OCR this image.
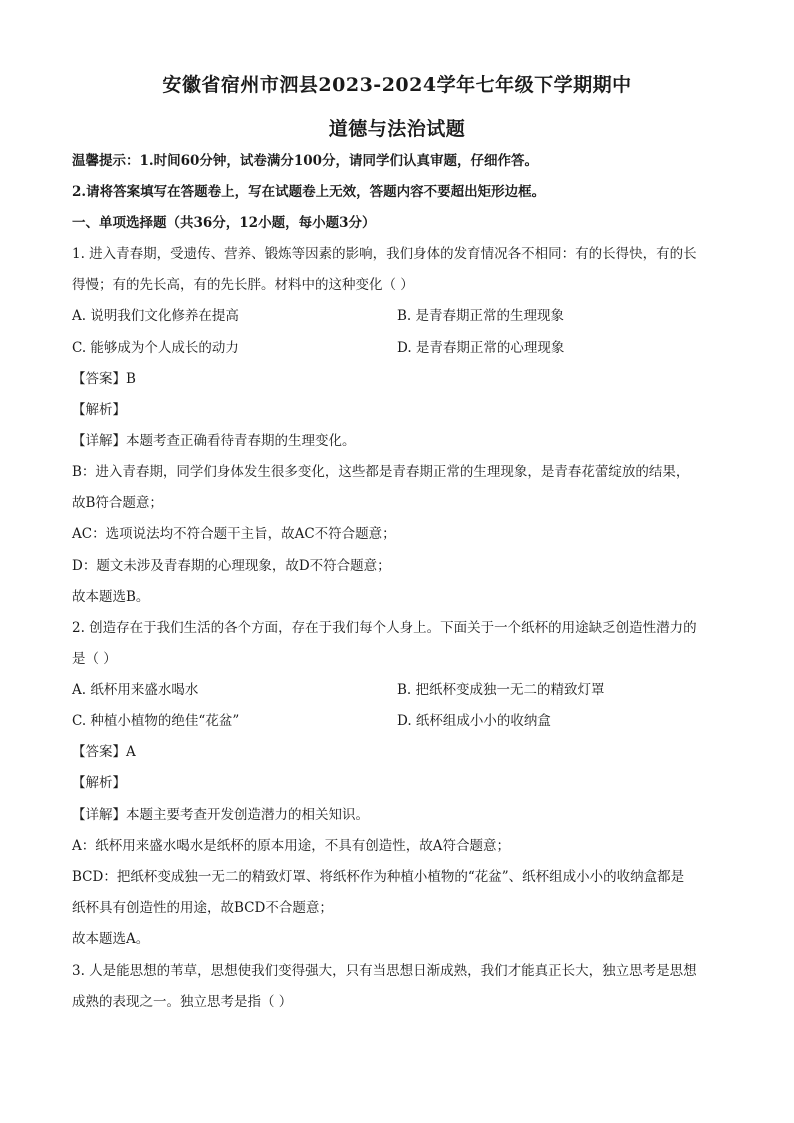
安徽省宿州市泗县2023-2024学年七年级下学期期中
道德与法治试题
温馨提示：1.时间60分钟，试卷满分100分，请同学们认真审题，仔细作答。
2.请将答案填写在答题卷上，写在试题卷上无效，答题内容不要超出矩形边框。
一、单项选择题（共36分，12小题，每小题3分）
1. 进入青春期，受遗传、营养、锻炼等因素的影响，我们身体的发育情况各不相同：有的长得快，有的长
得慢；有的先长高，有的先长胖。材料中的这种变化（ ）
A. 说明我们文化修养在提高	B. 是青春期正常的生理现象
C. 能够成为个人成长的动力	D. 是青春期正常的心理现象
【答案】B
【解析】
【详解】本题考查正确看待青春期的生理变化。
B：进入青春期，同学们身体发生很多变化，这些都是青春期正常的生理现象，是青春花蕾绽放的结果，
故B符合题意；
AC：选项说法均不符合题干主旨，故AC不符合题意；
D：题文未涉及青春期的心理现象，故D不符合题意；
故本题选B。
2. 创造存在于我们生活的各个方面，存在于我们每个人身上。下面关于一个纸杯的用途缺乏创造性潜力的
是（ ）
A. 纸杯用来盛水喝水	B. 把纸杯变成独一无二的精致灯罩
C. 种植小植物的绝佳“花盆”	D. 纸杯组成小小的收纳盒
【答案】A
【解析】
【详解】本题主要考查开发创造潜力的相关知识。
A：纸杯用来盛水喝水是纸杯的原本用途，不具有创造性，故A符合题意；
BCD：把纸杯变成独一无二的精致灯罩、将纸杯作为种植小植物的“花盆”、纸杯组成小小的收纳盒都是
纸杯具有创造性的用途，故BCD不合题意；
故本题选A。
3. 人是能思想的苇草，思想使我们变得强大，只有当思想日渐成熟，我们才能真正长大，独立思考是思想
成熟的表现之一。独立思考是指（ ）
